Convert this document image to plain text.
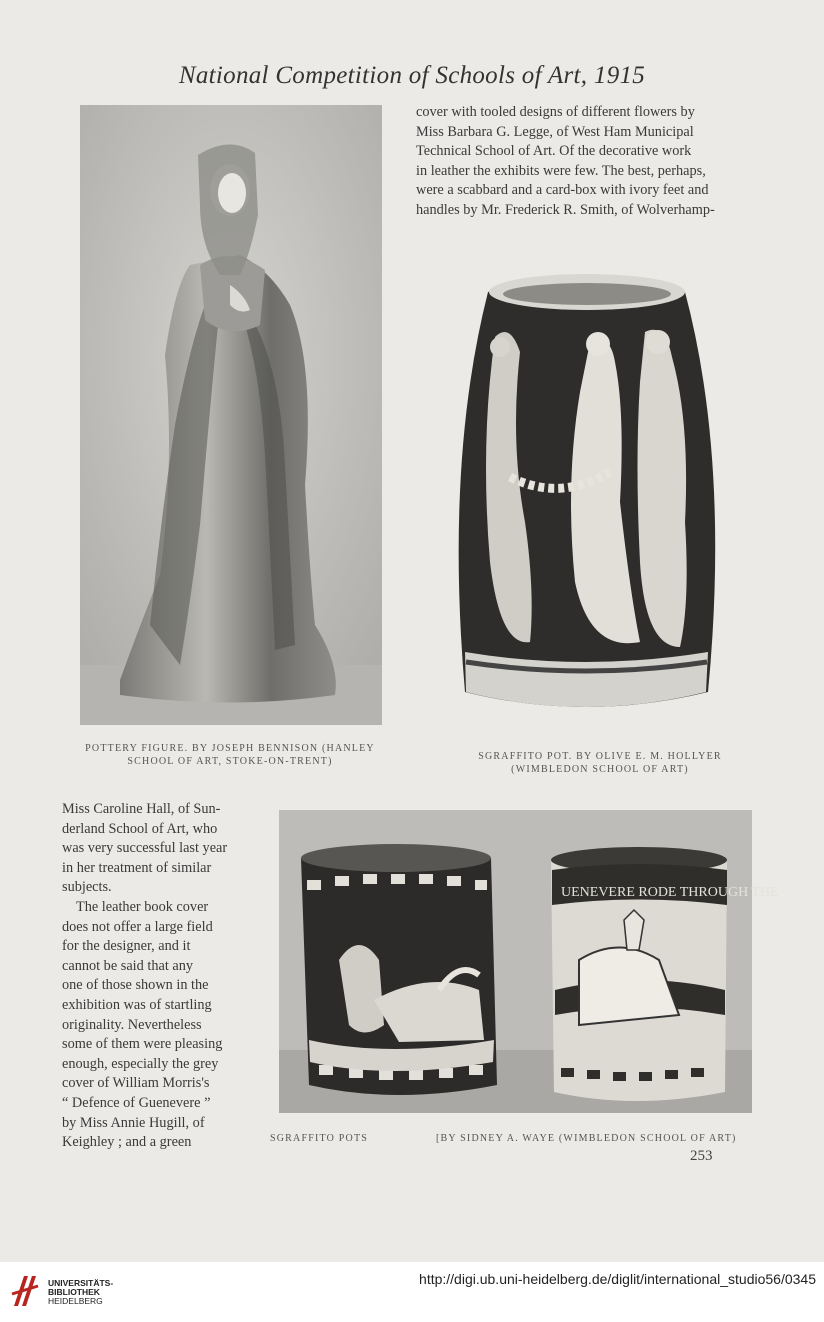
National Competition of Schools of Art, 1915
cover with tooled designs of different flowers by
Miss Barbara G. Legge, of West Ham Municipal
Technical School of Art. Of the decorative work
in leather the exhibits were few. The best, perhaps,
were a scabbard and a card-box with ivory feet and
handles by Mr. Frederick R. Smith, of Wolverhamp-
POTTERY FIGURE. BY JOSEPH BENNISON (HANLEY
SCHOOL OF ART, STOKE-ON-TRENT)	SGRAFFITO POT. BY OLIVE E. M. HOLLYER
(WIMBLEDON SCHOOL OF ART)

Miss Caroline Hall, of Sun-
derland School of Art, who
was very successful last year
in her treatment of similar
subjects.

The leather book cover
does not offer a large field
for the designer, and it
cannot be said that any
one of those shown in the
exhibition was of startling
originality. Nevertheless
some of them were pleasing
enough, especially the grey
cover of William Morris's
“ Defence of Guenevere ”
by Miss Annie Hugill, of
Keighley ; and a green

UENEVERE RODE THROUGH THE
SGRAFFITO POTS	[BY SIDNEY A. WAYE (WIMBLEDON SCHOOL OF ART)
253
UNIVERSITÄTS-
BIBLIOTHEK
HEIDELBERG
http://digi.ub.uni-heidelberg.de/diglit/international_studio56/0345
